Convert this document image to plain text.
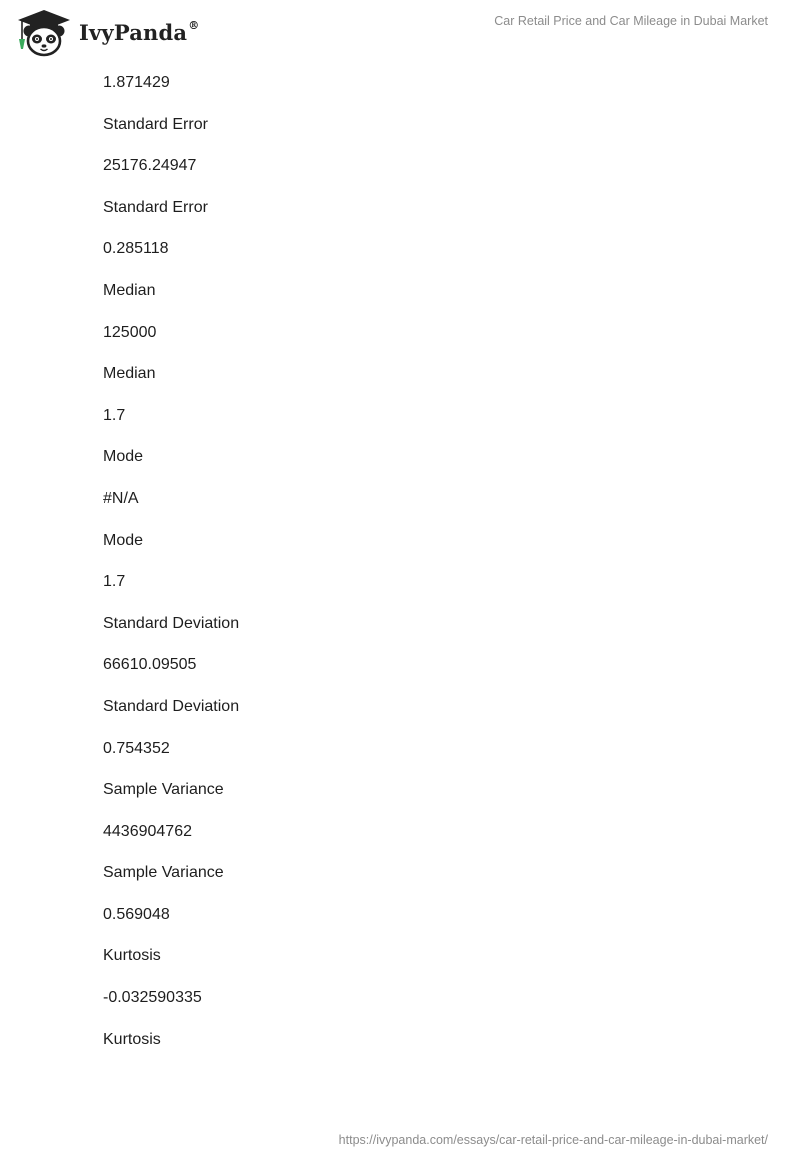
IvyPanda®	Car Retail Price and Car Mileage in Dubai Market
1.871429
Standard Error
25176.24947
Standard Error
0.285118
Median
125000
Median
1.7
Mode
#N/A
Mode
1.7
Standard Deviation
66610.09505
Standard Deviation
0.754352
Sample Variance
4436904762
Sample Variance
0.569048
Kurtosis
-0.032590335
Kurtosis
https://ivypanda.com/essays/car-retail-price-and-car-mileage-in-dubai-market/
